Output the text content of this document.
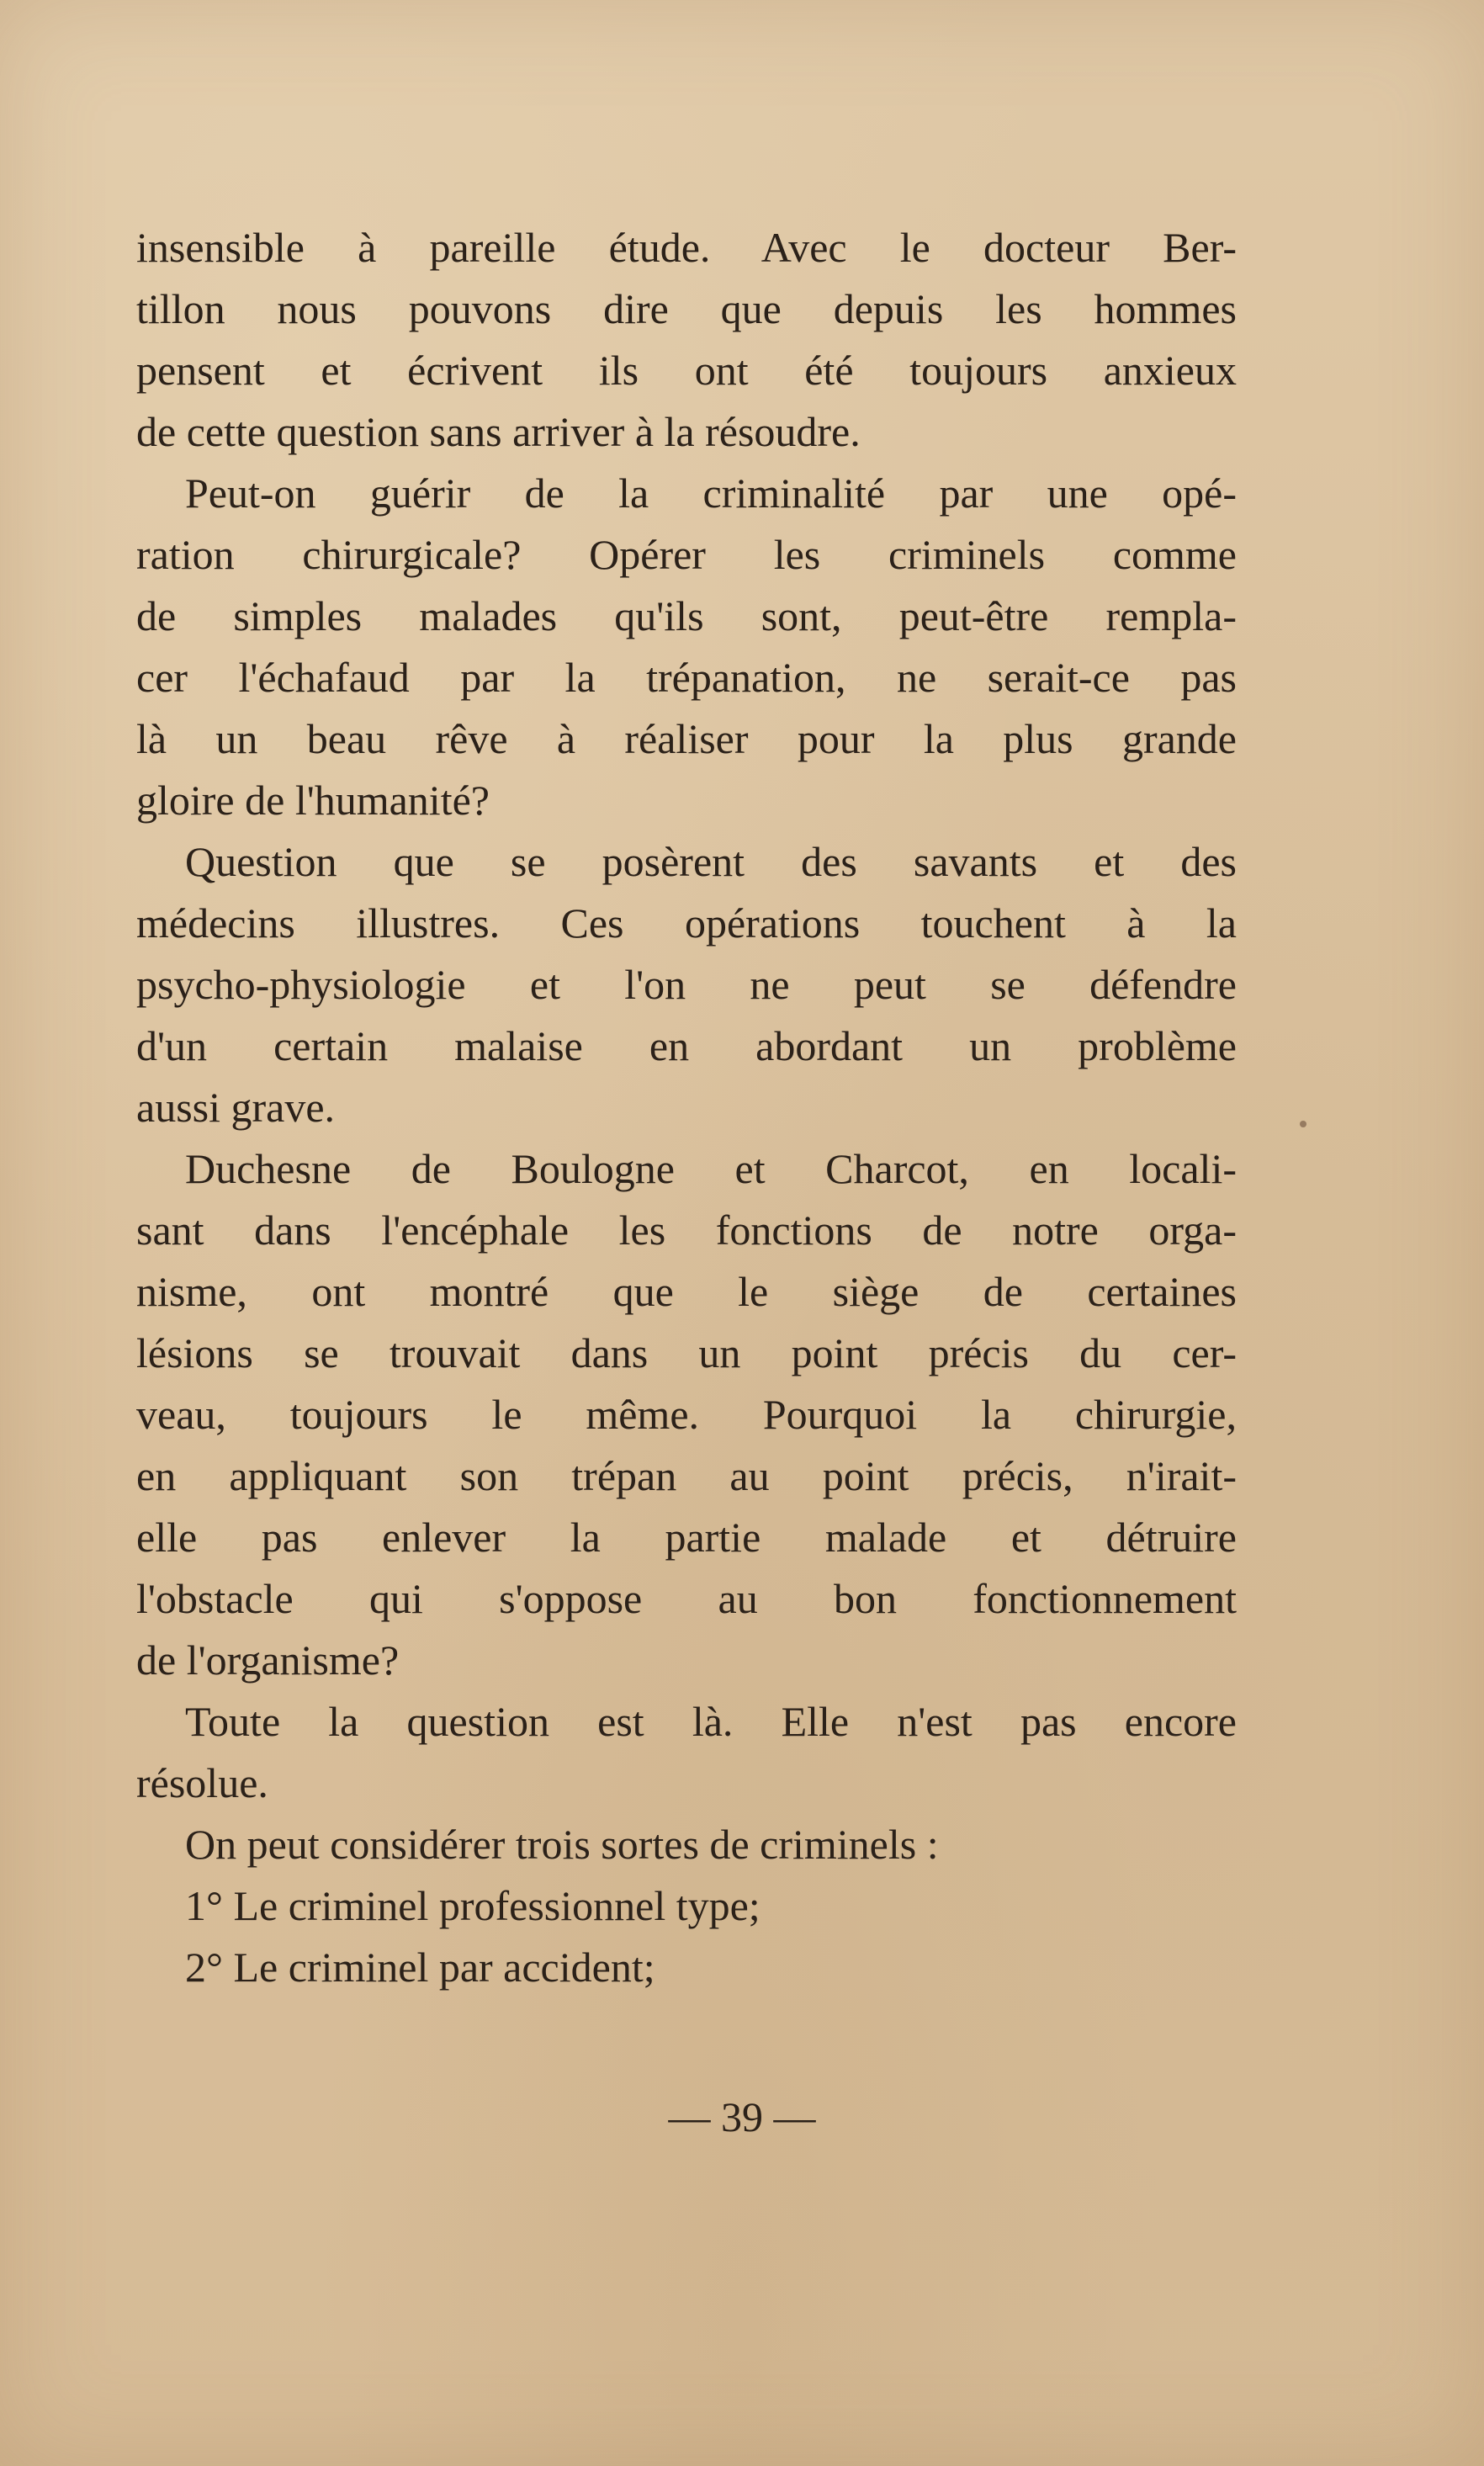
insensible à pareille étude. Avec le docteur Ber-
tillon nous pouvons dire que depuis les hommes
pensent et écrivent ils ont été toujours anxieux
de cette question sans arriver à la résoudre.
Peut-on guérir de la criminalité par une opé-
ration chirurgicale? Opérer les criminels comme
de simples malades qu'ils sont, peut-être rempla-
cer l'échafaud par la trépanation, ne serait-ce pas
là un beau rêve à réaliser pour la plus grande
gloire de l'humanité?
Question que se posèrent des savants et des
médecins illustres. Ces opérations touchent à la
psycho-physiologie et l'on ne peut se défendre
d'un certain malaise en abordant un problème
aussi grave.
Duchesne de Boulogne et Charcot, en locali-
sant dans l'encéphale les fonctions de notre orga-
nisme, ont montré que le siège de certaines
lésions se trouvait dans un point précis du cer-
veau, toujours le même. Pourquoi la chirurgie,
en appliquant son trépan au point précis, n'irait-
elle pas enlever la partie malade et détruire
l'obstacle qui s'oppose au bon fonctionnement
de l'organisme?
Toute la question est là. Elle n'est pas encore
résolue.
On peut considérer trois sortes de criminels :
1° Le criminel professionnel type;
2° Le criminel par accident;
— 39 —
